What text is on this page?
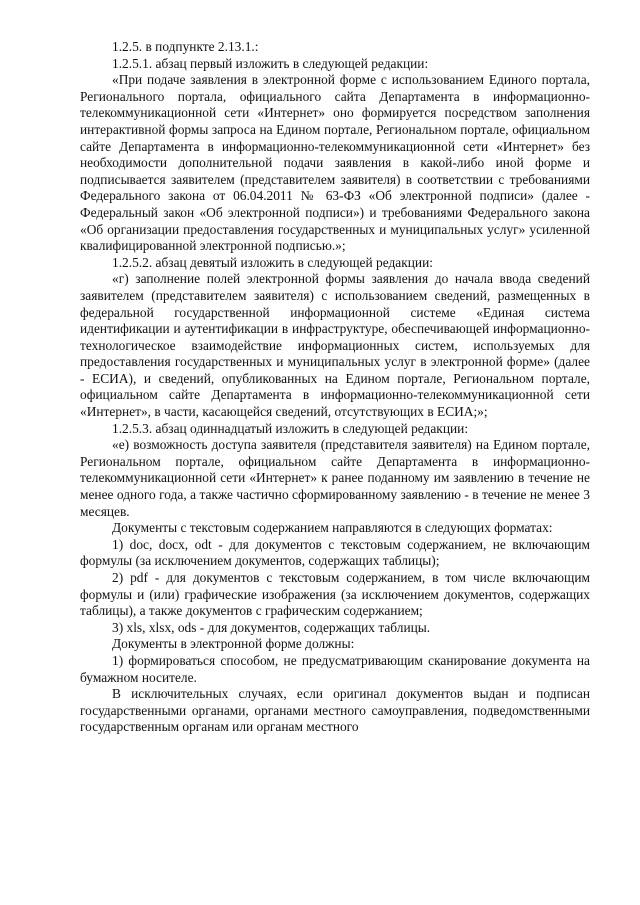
1.2.5. в подпункте 2.13.1.:

1.2.5.1. абзац первый изложить в следующей редакции:

«При подаче заявления в электронной форме с использованием Единого портала, Регионального портала, официального сайта Департамента в информационно-телекоммуникационной сети «Интернет» оно формируется посредством заполнения интерактивной формы запроса на Едином портале, Региональном портале, официальном сайте Департамента в информационно-телекоммуникационной сети «Интернет» без необходимости дополнительной подачи заявления в какой-либо иной форме и подписывается заявителем (представителем заявителя) в соответствии с требованиями Федерального закона от 06.04.2011 № 63-ФЗ «Об электронной подписи» (далее - Федеральный закон «Об электронной подписи») и требованиями Федерального закона «Об организации предоставления государственных и муниципальных услуг» усиленной квалифицированной электронной подписью.»;

1.2.5.2. абзац девятый изложить в следующей редакции:

«г) заполнение полей электронной формы заявления до начала ввода сведений заявителем (представителем заявителя) с использованием сведений, размещенных в федеральной государственной информационной системе «Единая система идентификации и аутентификации в инфраструктуре, обеспечивающей информационно-технологическое взаимодействие информационных систем, используемых для предоставления государственных и муниципальных услуг в электронной форме» (далее - ЕСИА), и сведений, опубликованных на Едином портале, Региональном портале, официальном сайте Департамента в информационно-телекоммуникационной сети «Интернет», в части, касающейся сведений, отсутствующих в ЕСИА;»;

1.2.5.3. абзац одиннадцатый изложить в следующей редакции:

«е) возможность доступа заявителя (представителя заявителя) на Едином портале, Региональном портале, официальном сайте Департамента в информационно-телекоммуникационной сети «Интернет» к ранее поданному им заявлению в течение не менее одного года, а также частично сформированному заявлению - в течение не менее 3 месяцев.

Документы с текстовым содержанием направляются в следующих форматах:

1) doc, docx, odt - для документов с текстовым содержанием, не включающим формулы (за исключением документов, содержащих таблицы);

2) pdf - для документов с текстовым содержанием, в том числе включающим формулы и (или) графические изображения (за исключением документов, содержащих таблицы), а также документов с графическим содержанием;

3) xls, xlsx, ods - для документов, содержащих таблицы.

Документы в электронной форме должны:

1) формироваться способом, не предусматривающим сканирование документа на бумажном носителе.

В исключительных случаях, если оригинал документов выдан и подписан государственными органами, органами местного самоуправления, подведомственными государственным органам или органам местного
